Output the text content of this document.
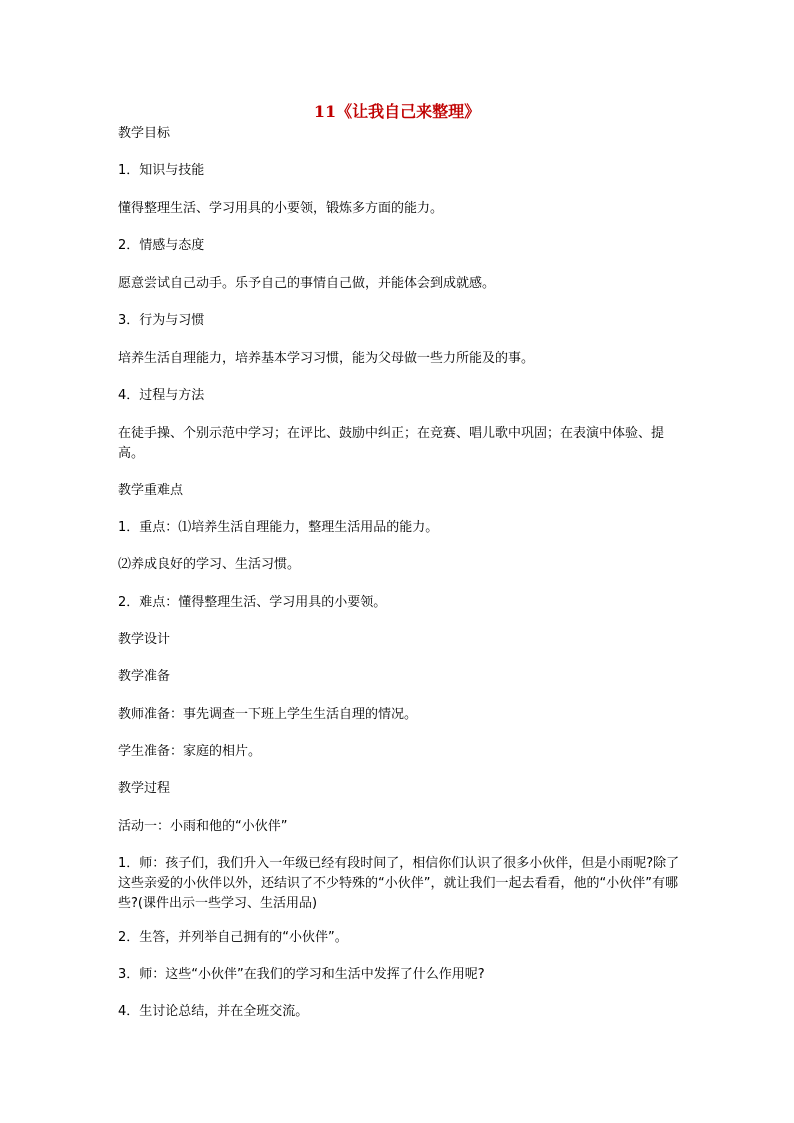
11《让我自己来整理》
教学目标
1．知识与技能
懂得整理生活、学习用具的小要领，锻炼多方面的能力。
2．情感与态度
愿意尝试自己动手。乐予自己的事情自己做，并能体会到成就感。
3．行为与习惯
培养生活自理能力，培养基本学习习惯，能为父母做一些力所能及的事。
4．过程与方法
在徒手操、个别示范中学习；在评比、鼓励中纠正；在竞赛、唱儿歌中巩固；在表演中体验、提高。
教学重难点
1．重点：⑴培养生活自理能力，整理生活用品的能力。
⑵养成良好的学习、生活习惯。
2．难点：懂得整理生活、学习用具的小要领。
教学设计
教学准备
教师准备：事先调查一下班上学生生活自理的情况。
学生准备：家庭的相片。
教学过程
活动一：小雨和他的“小伙伴”
1．师：孩子们，我们升入一年级已经有段时间了，相信你们认识了很多小伙伴，但是小雨呢?除了这些亲爱的小伙伴以外，还结识了不少特殊的“小伙伴”，就让我们一起去看看，他的“小伙伴”有哪些?(课件出示一些学习、生活用品)
2．生答，并列举自己拥有的“小伙伴”。
3．师：这些“小伙伴”在我们的学习和生活中发挥了什么作用呢?
4．生讨论总结，并在全班交流。
